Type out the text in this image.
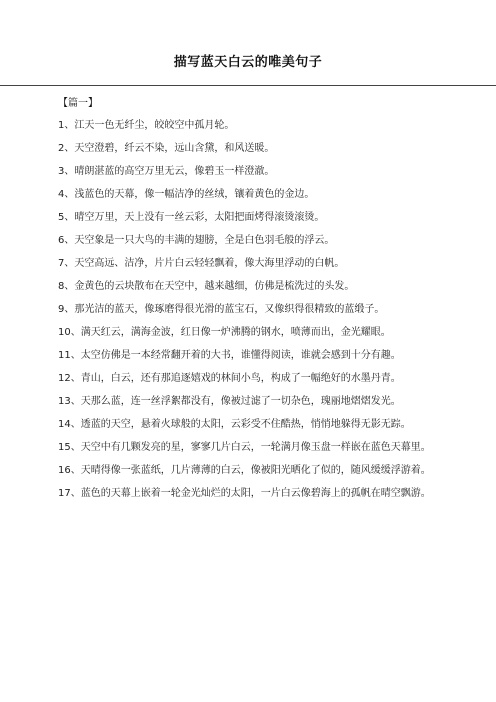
描写蓝天白云的唯美句子
【篇一】

1、江天一色无纤尘，皎皎空中孤月轮。

2、天空澄碧，纤云不染，远山含黛，和风送暖。

3、晴朗湛蓝的高空万里无云，像碧玉一样澄澈。

4、浅蓝色的天幕，像一幅洁净的丝绒，镶着黄色的金边。

5、晴空万里，天上没有一丝云彩，太阳把面烤得滚烫滚烫。

6、天空象是一只大鸟的丰满的翅膀，全是白色羽毛般的浮云。

7、天空高远、洁净，片片白云轻轻飘着，像大海里浮动的白帆。

8、金黄色的云块散布在天空中，越来越细，仿佛是梳洗过的头发。

9、那光洁的蓝天，像琢磨得很光滑的蓝宝石，又像织得很精致的蓝缎子。

10、满天红云，满海金波，红日像一炉沸腾的钢水，喷薄而出，金光耀眼。

11、太空仿佛是一本经常翻开着的大书，谁懂得阅读，谁就会感到十分有趣。

12、青山，白云，还有那追逐嬉戏的林间小鸟，构成了一幅绝好的水墨丹青。

13、天那么蓝，连一丝浮絮都没有，像被过滤了一切杂色，瑰丽地熠熠发光。

14、透蓝的天空，悬着火球般的太阳，云彩受不住酷热，悄悄地躲得无影无踪。

15、天空中有几颗发亮的星，寥寥几片白云，一轮满月像玉盘一样嵌在蓝色天幕里。

16、天晴得像一张蓝纸，几片薄薄的白云，像被阳光晒化了似的，随风缓缓浮游着。

17、蓝色的天幕上嵌着一轮金光灿烂的太阳，一片白云像碧海上的孤帆在晴空飘游。
